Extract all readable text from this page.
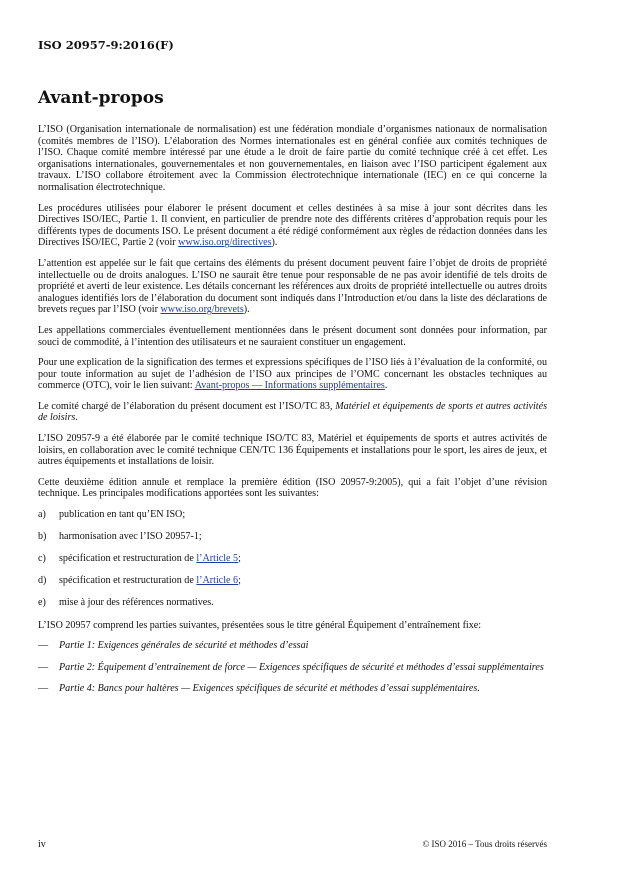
ISO 20957-9:2016(F)
Avant-propos

L’ISO (Organisation internationale de normalisation) est une fédération mondiale d’organismes nationaux de normalisation (comités membres de l’ISO). L’élaboration des Normes internationales est en général confiée aux comités techniques de l’ISO. Chaque comité membre intéressé par une étude a le droit de faire partie du comité technique créé à cet effet. Les organisations internationales, gouvernementales et non gouvernementales, en liaison avec l’ISO participent également aux travaux. L’ISO collabore étroitement avec la Commission électrotechnique internationale (IEC) en ce qui concerne la normalisation électrotechnique.

Les procédures utilisées pour élaborer le présent document et celles destinées à sa mise à jour sont décrites dans les Directives ISO/IEC, Partie 1. Il convient, en particulier de prendre note des différents critères d’approbation requis pour les différents types de documents ISO. Le présent document a été rédigé conformément aux règles de rédaction données dans les Directives ISO/IEC, Partie 2 (voir www.iso.org/directives).

L’attention est appelée sur le fait que certains des éléments du présent document peuvent faire l’objet de droits de propriété intellectuelle ou de droits analogues. L’ISO ne saurait être tenue pour responsable de ne pas avoir identifié de tels droits de propriété et averti de leur existence. Les détails concernant les références aux droits de propriété intellectuelle ou autres droits analogues identifiés lors de l’élaboration du document sont indiqués dans l’Introduction et/ou dans la liste des déclarations de brevets reçues par l’ISO (voir www.iso.org/brevets).

Les appellations commerciales éventuellement mentionnées dans le présent document sont données pour information, par souci de commodité, à l’intention des utilisateurs et ne sauraient constituer un engagement.

Pour une explication de la signification des termes et expressions spécifiques de l’ISO liés à l’évaluation de la conformité, ou pour toute information au sujet de l’adhésion de l’ISO aux principes de l’OMC concernant les obstacles techniques au commerce (OTC), voir le lien suivant: Avant-propos — Informations supplémentaires.

Le comité chargé de l’élaboration du présent document est l’ISO/TC 83, Matériel et équipements de sports et autres activités de loisirs.

L’ISO 20957-9 a été élaborée par le comité technique ISO/TC 83, Matériel et équipements de sports et autres activités de loisirs, en collaboration avec le comité technique CEN/TC 136 Équipements et installations pour le sport, les aires de jeux, et autres équipements et installations de loisir.

Cette deuxième édition annule et remplace la première édition (ISO 20957-9:2005), qui a fait l’objet d’une révision technique. Les principales modifications apportées sont les suivantes:

a)	publication en tant qu’EN ISO;
b)	harmonisation avec l’ISO 20957-1;
c)	spécification et restructuration de l’Article 5;
d)	spécification et restructuration de l’Article 6;
e)	mise à jour des références normatives.

L’ISO 20957 comprend les parties suivantes, présentées sous le titre général Équipement d’entraînement fixe:

—	Partie 1: Exigences générales de sécurité et méthodes d’essai
—	Partie 2: Équipement d’entraînement de force — Exigences spécifiques de sécurité et méthodes d’essai supplémentaires
—	Partie 4: Bancs pour haltères — Exigences spécifiques de sécurité et méthodes d’essai supplémentaires.
iv	© ISO 2016 – Tous droits réservés
